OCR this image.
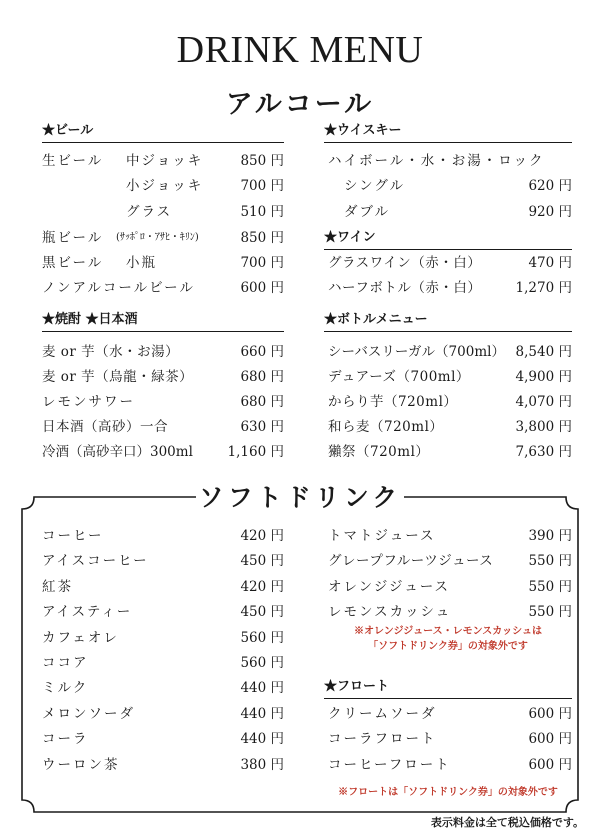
DRINK MENU
アルコール
★ビール
生ビール 中ジョッキ	850 円
小ジョッキ	700 円
グラス	510 円
瓶ビール (ｻｯﾎﾟﾛ・ｱｻﾋ・ｷﾘﾝ)	850 円
黒ビール 小瓶	700 円
ノンアルコールビール	600 円
★焼酎 ★日本酒
麦 or 芋（水・お湯）	660 円
麦 or 芋（烏龍・緑茶）	680 円
レモンサワー	680 円
日本酒（高砂）一合	630 円
冷酒（高砂辛口）300ml	1,160 円
★ウイスキー
ハイボール・水・お湯・ロック
シングル	620 円
ダブル	920 円
★ワイン
グラスワイン（赤・白）	470 円
ハーフボトル（赤・白）	1,270 円
★ボトルメニュー
シーバスリーガル（700ml） 8,540 円
デュアーズ（700ml）	4,900 円
からり芋（720ml）	4,070 円
和ら麦（720ml）	3,800 円
獺祭（720ml）	7,630 円
ソフトドリンク
コーヒー	420 円
アイスコーヒー	450 円
紅茶	420 円
アイスティー	450 円
カフェオレ	560 円
ココア	560 円
ミルク	440 円
メロンソーダ	440 円
コーラ	440 円
ウーロン茶	380 円
トマトジュース	390 円
グレープフルーツジュース	550 円
オレンジジュース	550 円
レモンスカッシュ	550 円
※オレンジジュース・レモンスカッシュは
「ソフトドリンク券」の対象外です
★フロート
クリームソーダ	600 円
コーラフロート	600 円
コーヒーフロート	600 円
※フロートは「ソフトドリンク券」の対象外です
表示料金は全て税込価格です。
